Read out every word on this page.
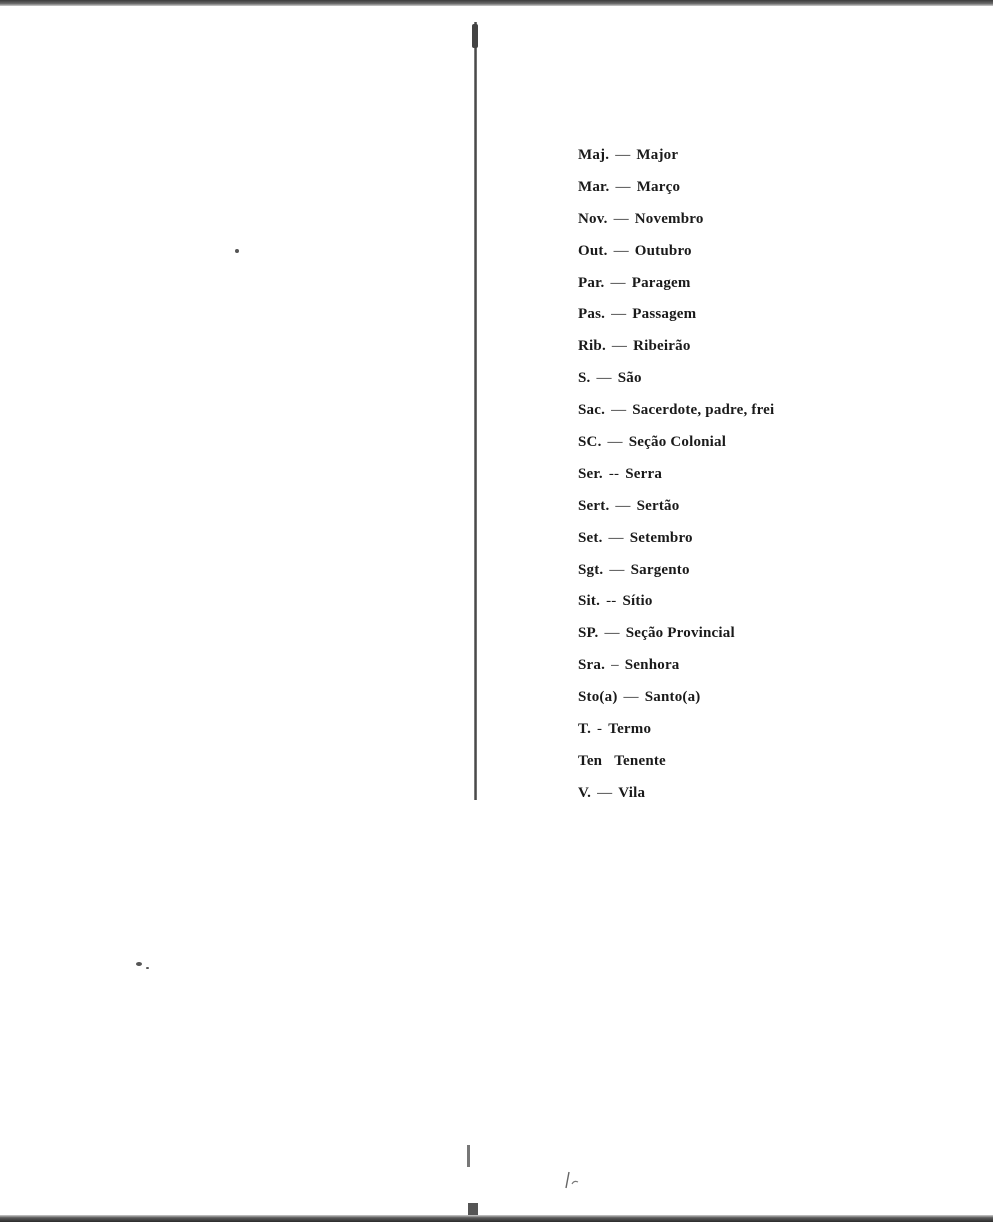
Maj. — Major
Mar. — Março
Nov. — Novembro
Out. — Outubro
Par. — Paragem
Pas. — Passagem
Rib. — Ribeirão
S. — São
Sac. — Sacerdote, padre, frei
SC. — Seção Colonial
Ser. -- Serra
Sert. — Sertão
Set. — Setembro
Sgt. — Sargento
Sit. -- Sítio
SP. — Seção Provincial
Sra. – Senhora
Sto(a) — Santo(a)
T. - Termo
Ten Tenente
V. — Vila
